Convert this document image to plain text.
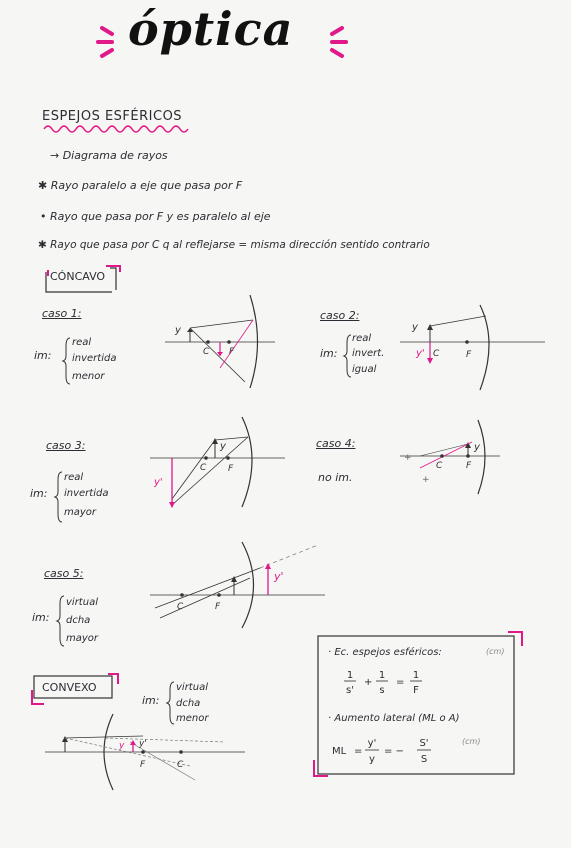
óptica
ESPEJOS ESFÉRICOS
→ Diagrama de rayos
✱ Rayo paralelo a eje que pasa por F
• Rayo que pasa por F y es paralelo al eje
✱ Rayo que pasa por C q al reflejarse = misma dirección sentido contrario
CÓNCAVO
caso 1:
im:
real
invertida
menor
y
C F
caso 2:
im:
real
invert.
igual
y
y' C	F
caso 3:
im:
real
invertida
mayor
y
y'
C F
caso 4:
no im.
y
C	F
+
+
caso 5:
im:
virtual
dcha
mayor
C	F
y'
CONVEXO
im:
virtual
dcha
menor
y y'
F	C
· Ec. espejos esféricos:	(cm)
1
s'
+
1
s
=
1
F
· Aumento lateral (ML o A)
(cm)
ML =
y'
y
= −
S'
S
